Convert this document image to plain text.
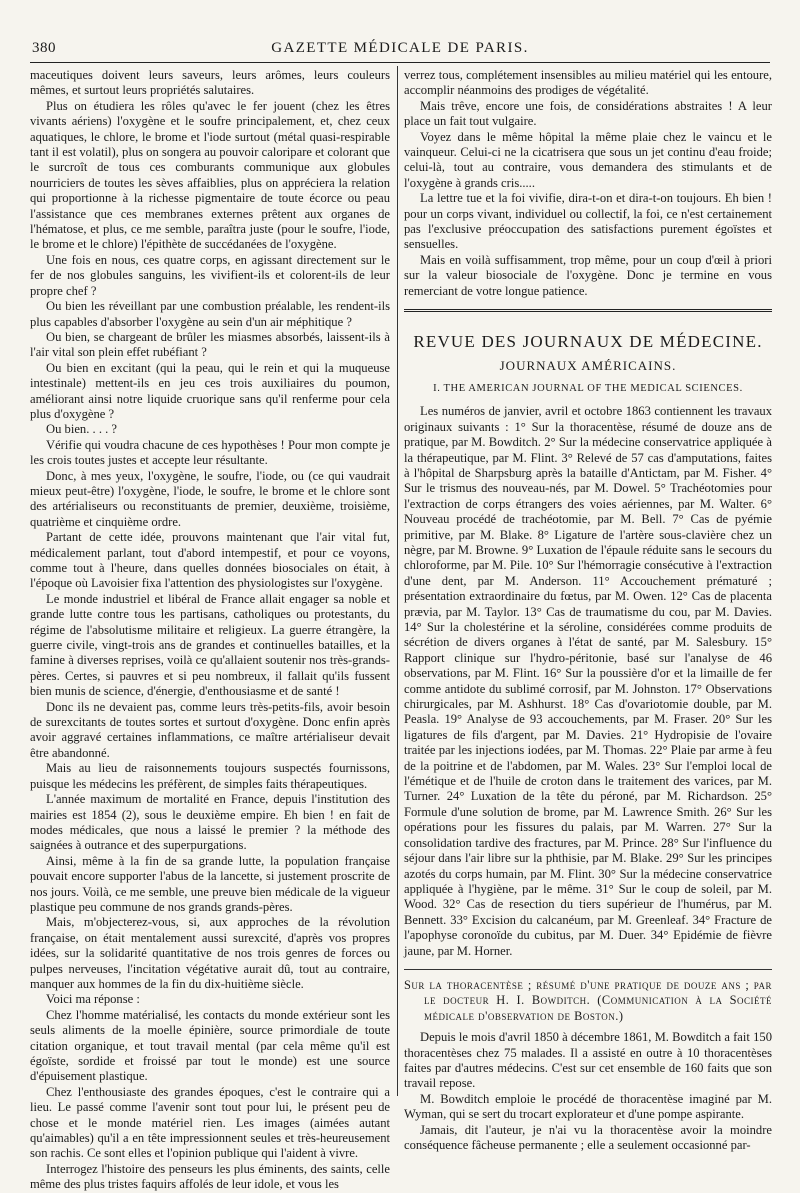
380	GAZETTE MÉDICALE DE PARIS.

maceutiques doivent leurs saveurs, leurs arômes, leurs couleurs mêmes, et surtout leurs propriétés salutaires.

Plus on étudiera les rôles qu'avec le fer jouent (chez les êtres vivants aériens) l'oxygène et le soufre principalement, et, chez ceux aquatiques, le chlore, le brome et l'iode surtout (métal quasi-respirable tant il est volatil), plus on songera au pouvoir caloripare et colorant que le surcroît de tous ces comburants communique aux globules nourriciers de toutes les sèves affaiblies, plus on appréciera la relation qui proportionne à la richesse pigmentaire de toute écorce ou peau l'assistance que ces membranes externes prêtent aux organes de l'hématose, et plus, ce me semble, paraîtra juste (pour le soufre, l'iode, le brome et le chlore) l'épithète de succédanées de l'oxygène.

Une fois en nous, ces quatre corps, en agissant directement sur le fer de nos globules sanguins, les vivifient-ils et colorent-ils de leur propre chef ?

Ou bien les réveillant par une combustion préalable, les rendent-ils plus capables d'absorber l'oxygène au sein d'un air méphitique ?

Ou bien, se chargeant de brûler les miasmes absorbés, laissent-ils à l'air vital son plein effet rubéfiant ?

Ou bien en excitant (qui la peau, qui le rein et qui la muqueuse intestinale) mettent-ils en jeu ces trois auxiliaires du poumon, améliorant ainsi notre liquide cruorique sans qu'il renferme pour cela plus d'oxygène ?

Ou bien. . . . ?

Vérifie qui voudra chacune de ces hypothèses ! Pour mon compte je les crois toutes justes et accepte leur résultante.

Donc, à mes yeux, l'oxygène, le soufre, l'iode, ou (ce qui vaudrait mieux peut-être) l'oxygène, l'iode, le soufre, le brome et le chlore sont des artérialiseurs ou reconstituants de premier, deuxième, troisième, quatrième et cinquième ordre.

Partant de cette idée, prouvons maintenant que l'air vital fut, médicalement parlant, tout d'abord intempestif, et pour ce voyons, comme tout à l'heure, dans quelles données biosociales on était, à l'époque où Lavoisier fixa l'attention des physiologistes sur l'oxygène.

Le monde industriel et libéral de France allait engager sa noble et grande lutte contre tous les partisans, catholiques ou protestants, du régime de l'absolutisme militaire et religieux. La guerre étrangère, la guerre civile, vingt-trois ans de grandes et continuelles batailles, et la famine à diverses reprises, voilà ce qu'allaient soutenir nos très-grands-pères. Certes, si pauvres et si peu nombreux, il fallait qu'ils fussent bien munis de science, d'énergie, d'enthousiasme et de santé !

Donc ils ne devaient pas, comme leurs très-petits-fils, avoir besoin de surexcitants de toutes sortes et surtout d'oxygène. Donc enfin après avoir aggravé certaines inflammations, ce maître artérialiseur devait être abandonné.

Mais au lieu de raisonnements toujours suspectés fournissons, puisque les médecins les préfèrent, de simples faits thérapeutiques.

L'année maximum de mortalité en France, depuis l'institution des mairies est 1854 (2), sous le deuxième empire. Eh bien ! en fait de modes médicales, que nous a laissé le premier ? la méthode des saignées à outrance et des superpurgations.

Ainsi, même à la fin de sa grande lutte, la population française pouvait encore supporter l'abus de la lancette, si justement proscrite de nos jours. Voilà, ce me semble, une preuve bien médicale de la vigueur plastique peu commune de nos grands grands-pères.

Mais, m'objecterez-vous, si, aux approches de la révolution française, on était mentalement aussi surexcité, d'après vos propres idées, sur la solidarité quantitative de nos trois genres de forces ou pulpes nerveuses, l'incitation végétative aurait dû, tout au contraire, manquer aux hommes de la fin du dix-huitième siècle.

Voici ma réponse :

Chez l'homme matérialisé, les contacts du monde extérieur sont les seuls aliments de la moelle épinière, source primordiale de toute citation organique, et tout travail mental (par cela même qu'il est égoïste, sordide et froissé par tout le monde) est une source d'épuisement plastique.

Chez l'enthousiaste des grandes époques, c'est le contraire qui a lieu. Le passé comme l'avenir sont tout pour lui, le présent peu de chose et le monde matériel rien. Les images (aimées autant qu'aimables) qu'il a en tête impressionnent seules et très-heureusement son rachis. Ce sont elles et l'opinion publique qui l'aident à vivre.

Interrogez l'histoire des penseurs les plus éminents, des saints, celle même des plus tristes faquirs affolés de leur idole, et vous les

verrez tous, complétement insensibles au milieu matériel qui les entoure, accomplir néanmoins des prodiges de végétalité.

Mais trêve, encore une fois, de considérations abstraites ! A leur place un fait tout vulgaire.

Voyez dans le même hôpital la même plaie chez le vaincu et le vainqueur. Celui-ci ne la cicatrisera que sous un jet continu d'eau froide; celui-là, tout au contraire, vous demandera des stimulants et de l'oxygène à grands cris.....

La lettre tue et la foi vivifie, dira-t-on et dira-t-on toujours. Eh bien ! pour un corps vivant, individuel ou collectif, la foi, ce n'est certainement pas l'exclusive préoccupation des satisfactions purement égoïstes et sensuelles.

Mais en voilà suffisamment, trop même, pour un coup d'œil à priori sur la valeur biosociale de l'oxygène. Donc je termine en vous remerciant de votre longue patience.

REVUE DES JOURNAUX DE MÉDECINE.
JOURNAUX AMÉRICAINS.
I. THE AMERICAN JOURNAL OF THE MEDICAL SCIENCES.

Les numéros de janvier, avril et octobre 1863 contiennent les travaux originaux suivants : 1° Sur la thoracentèse, résumé de douze ans de pratique, par M. Bowditch. 2° Sur la médecine conservatrice appliquée à la thérapeutique, par M. Flint. 3° Relevé de 57 cas d'amputations, faites à l'hôpital de Sharpsburg après la bataille d'Antictam, par M. Fisher. 4° Sur le trismus des nouveau-nés, par M. Dowel. 5° Trachéotomies pour l'extraction de corps étrangers des voies aériennes, par M. Walter. 6° Nouveau procédé de trachéotomie, par M. Bell. 7° Cas de pyémie primitive, par M. Blake. 8° Ligature de l'artère sous-clavière chez un nègre, par M. Browne. 9° Luxation de l'épaule réduite sans le secours du chloroforme, par M. Pile. 10° Sur l'hémorragie consécutive à l'extraction d'une dent, par M. Anderson. 11° Accouchement prématuré ; présentation extraordinaire du fœtus, par M. Owen. 12° Cas de placenta prævia, par M. Taylor. 13° Cas de traumatisme du cou, par M. Davies. 14° Sur la cholestérine et la séroline, considérées comme produits de sécrétion de divers organes à l'état de santé, par M. Salesbury. 15° Rapport clinique sur l'hydro-péritonie, basé sur l'analyse de 46 observations, par M. Flint. 16° Sur la poussière d'or et la limaille de fer comme antidote du sublimé corrosif, par M. Johnston. 17° Observations chirurgicales, par M. Ashhurst. 18° Cas d'ovariotomie double, par M. Peasla. 19° Analyse de 93 accouchements, par M. Fraser. 20° Sur les ligatures de fils d'argent, par M. Davies. 21° Hydropisie de l'ovaire traitée par les injections iodées, par M. Thomas. 22° Plaie par arme à feu de la poitrine et de l'abdomen, par M. Wales. 23° Sur l'emploi local de l'émétique et de l'huile de croton dans le traitement des varices, par M. Turner. 24° Luxation de la tête du péroné, par M. Richardson. 25° Formule d'une solution de brome, par M. Lawrence Smith. 26° Sur les opérations pour les fissures du palais, par M. Warren. 27° Sur la consolidation tardive des fractures, par M. Prince. 28° Sur l'influence du séjour dans l'air libre sur la phthisie, par M. Blake. 29° Sur les principes azotés du corps humain, par M. Flint. 30° Sur la médecine conservatrice appliquée à l'hygiène, par le même. 31° Sur le coup de soleil, par M. Wood. 32° Cas de resection du tiers supérieur de l'humérus, par M. Bennett. 33° Excision du calcanéum, par M. Greenleaf. 34° Fracture de l'apophyse coronoïde du cubitus, par M. Duer. 34° Epidémie de fièvre jaune, par M. Horner.

Sur la thoracentèse ; résumé d'une pratique de douze ans ; par le docteur H. I. Bowditch. (Communication à la Société médicale d'observation de Boston.)

Depuis le mois d'avril 1850 à décembre 1861, M. Bowditch a fait 150 thoracentèses chez 75 malades. Il a assisté en outre à 10 thoracentèses faites par d'autres médecins. C'est sur cet ensemble de 160 faits que son travail repose.

M. Bowditch emploie le procédé de thoracentèse imaginé par M. Wyman, qui se sert du trocart explorateur et d'une pompe aspirante.

Jamais, dit l'auteur, je n'ai vu la thoracentèse avoir la moindre conséquence fâcheuse permanente ; elle a seulement occasionné par-
